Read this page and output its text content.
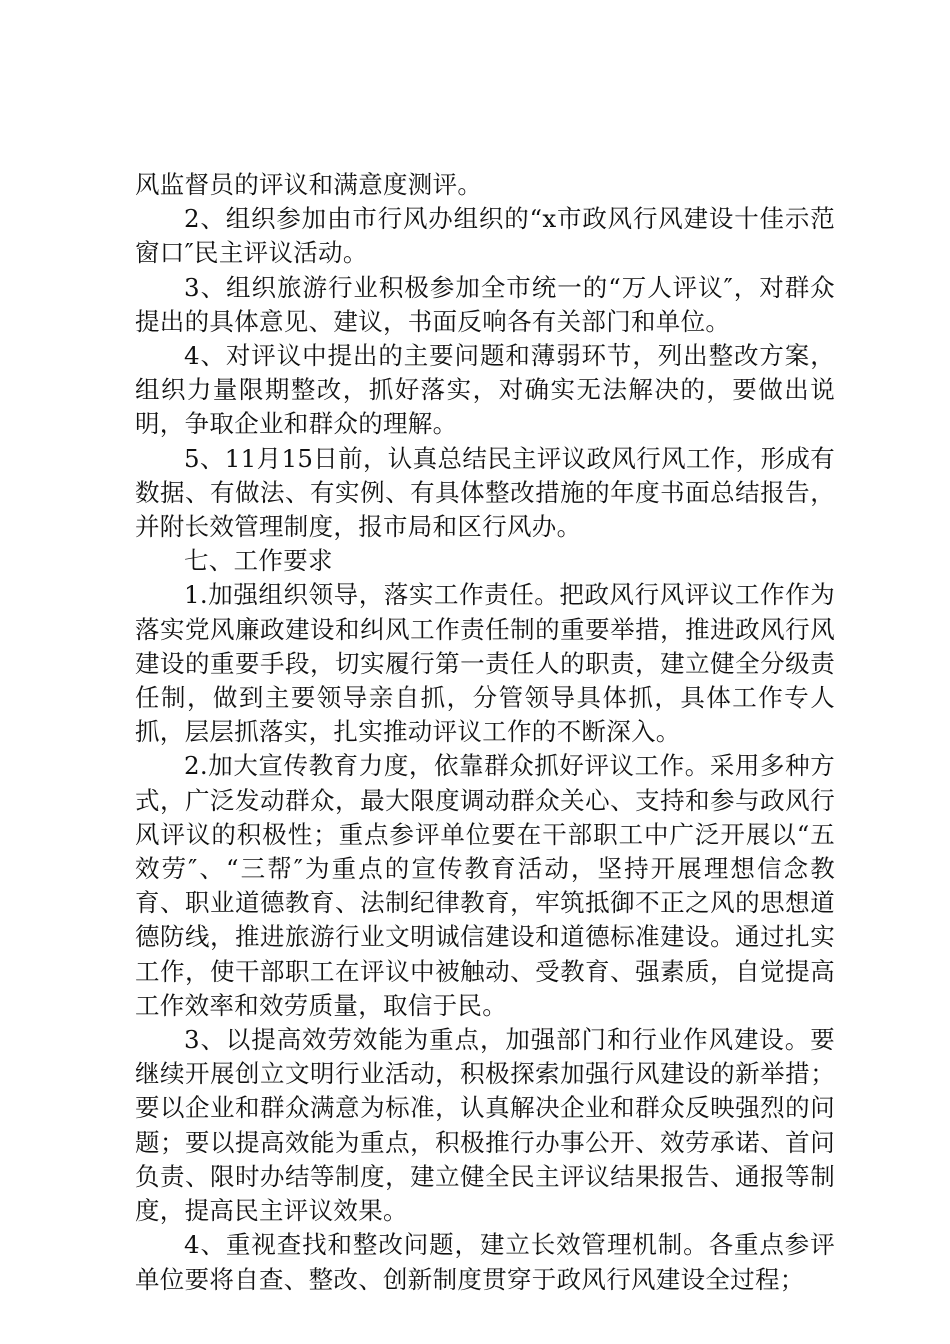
风监督员的评议和满意度测评。

2、组织参加由市行风办组织的“x市政风行风建设十佳示范窗口″民主评议活动。

3、组织旅游行业积极参加全市统一的“万人评议″，对群众提出的具体意见、建议，书面反响各有关部门和单位。

4、对评议中提出的主要问题和薄弱环节，列出整改方案，组织力量限期整改，抓好落实，对确实无法解决的，要做出说明，争取企业和群众的理解。

5、11月15日前，认真总结民主评议政风行风工作，形成有数据、有做法、有实例、有具体整改措施的年度书面总结报告，并附长效管理制度，报市局和区行风办。

七、工作要求

1.加强组织领导，落实工作责任。把政风行风评议工作作为落实党风廉政建设和纠风工作责任制的重要举措，推进政风行风建设的重要手段，切实履行第一责任人的职责，建立健全分级责任制，做到主要领导亲自抓，分管领导具体抓，具体工作专人抓，层层抓落实，扎实推动评议工作的不断深入。

2.加大宣传教育力度，依靠群众抓好评议工作。采用多种方式，广泛发动群众，最大限度调动群众关心、支持和参与政风行风评议的积极性；重点参评单位要在干部职工中广泛开展以“五效劳″、“三帮″为重点的宣传教育活动，坚持开展理想信念教育、职业道德教育、法制纪律教育，牢筑抵御不正之风的思想道德防线，推进旅游行业文明诚信建设和道德标准建设。通过扎实工作，使干部职工在评议中被触动、受教育、强素质，自觉提高工作效率和效劳质量，取信于民。

3、以提高效劳效能为重点，加强部门和行业作风建设。要继续开展创立文明行业活动，积极探索加强行风建设的新举措；要以企业和群众满意为标准，认真解决企业和群众反映强烈的问题；要以提高效能为重点，积极推行办事公开、效劳承诺、首问负责、限时办结等制度，建立健全民主评议结果报告、通报等制度，提高民主评议效果。

4、重视查找和整改问题，建立长效管理机制。各重点参评单位要将自查、整改、创新制度贯穿于政风行风建设全过程；
